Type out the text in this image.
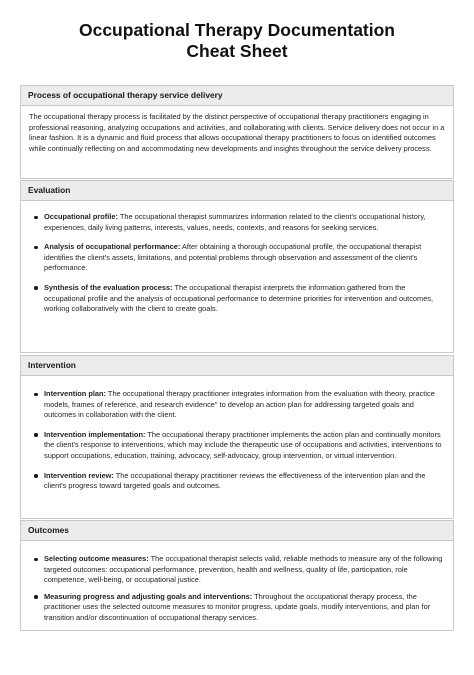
Occupational Therapy Documentation
Cheat Sheet
Process of occupational therapy service delivery
The occupational therapy process is facilitated by the distinct perspective of occupational therapy practitioners engaging in professional reasoning, analyzing occupations and activities, and collaborating with clients. Service delivery does not occur in a linear fashion. It is a dynamic and fluid process that allows occupational therapy practitioners to focus on identified outcomes while continually reflecting on and accommodating new developments and insights throughout the service delivery process.
Evaluation
Occupational profile: The occupational therapist summarizes information related to the client's occupational history, experiences, daily living patterns, interests, values, needs, contexts, and reasons for seeking services.
Analysis of occupational performance: After obtaining a thorough occupational profile, the occupational therapist identifies the client's assets, limitations, and potential problems through observation and assessment of the client's performance.
Synthesis of the evaluation process: The occupational therapist interprets the information gathered from the occupational profile and the analysis of occupational performance to determine priorities for intervention and outcomes, working collaboratively with the client to create goals.
Intervention
Intervention plan: The occupational therapy practitioner integrates information from the evaluation with theory, practice models, frames of reference, and research evidence" to develop an action plan for addressing targeted goals and outcomes in collaboration with the client.
Intervention implementation: The occupational therapy practitioner implements the action plan and continually monitors the client's response to interventions, which may include the therapeutic use of occupations and activities, interventions to support occupations, education, training, advocacy, self-advocacy, group intervention, or virtual intervention.
Intervention review: The occupational therapy practitioner reviews the effectiveness of the intervention plan and the client's progress toward targeted goals and outcomes.
Outcomes
Selecting outcome measures: The occupational therapist selects valid, reliable methods to measure any of the following targeted outcomes: occupational performance, prevention, health and wellness, quality of life, participation, role competence, well-being, or occupational justice.
Measuring progress and adjusting goals and interventions: Throughout the occupational therapy process, the practitioner uses the selected outcome measures to monitor progress, update goals, modify interventions, and plan for transition and/or discontinuation of occupational therapy services.
